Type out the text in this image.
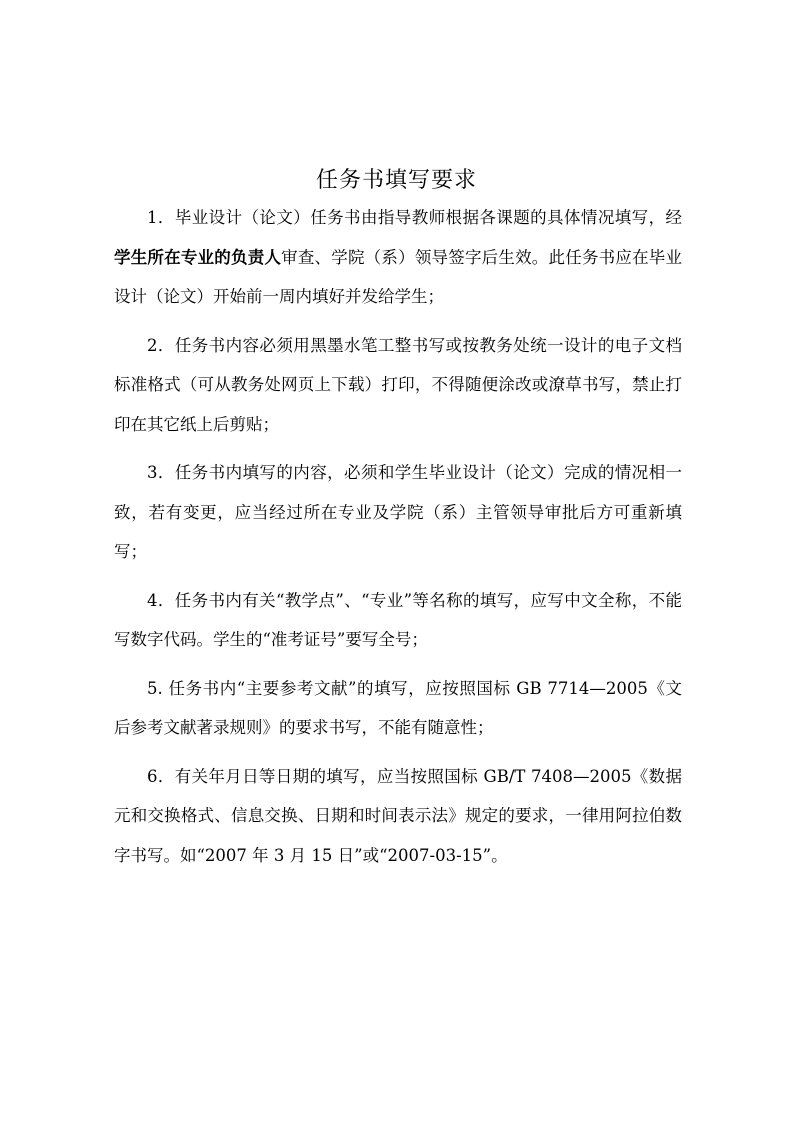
任务书填写要求

1．毕业设计（论文）任务书由指导教师根据各课题的具体情况填写，经学生所在专业的负责人审查、学院（系）领导签字后生效。此任务书应在毕业设计（论文）开始前一周内填好并发给学生；

2．任务书内容必须用黑墨水笔工整书写或按教务处统一设计的电子文档标准格式（可从教务处网页上下载）打印，不得随便涂改或潦草书写，禁止打印在其它纸上后剪贴；

3．任务书内填写的内容，必须和学生毕业设计（论文）完成的情况相一致，若有变更，应当经过所在专业及学院（系）主管领导审批后方可重新填写；

4．任务书内有关“教学点”、“专业”等名称的填写，应写中文全称，不能写数字代码。学生的“准考证号”要写全号；

5. 任务书内“主要参考文献”的填写，应按照国标 GB 7714—2005《文后参考文献著录规则》的要求书写，不能有随意性；

6．有关年月日等日期的填写，应当按照国标 GB/T 7408—2005《数据元和交换格式、信息交换、日期和时间表示法》规定的要求，一律用阿拉伯数字书写。如“2007 年 3 月 15 日”或“2007-03-15”。
